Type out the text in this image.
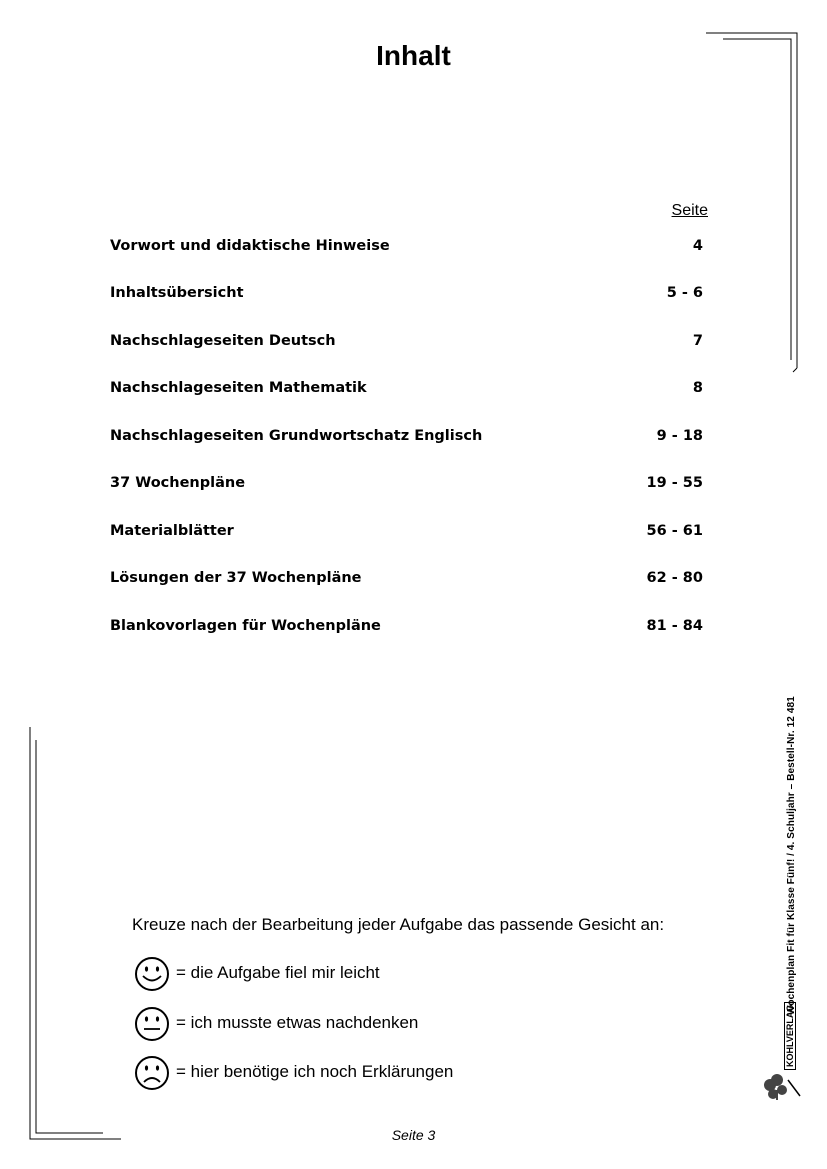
Inhalt
Seite
Vorwort und didaktische Hinweise	4
Inhaltsübersicht	5 - 6
Nachschlageseiten Deutsch	7
Nachschlageseiten Mathematik	8
Nachschlageseiten Grundwortschatz Englisch	9 - 18
37 Wochenpläne	19 - 55
Materialblätter	56 - 61
Lösungen der 37 Wochenpläne	62 - 80
Blankovorlagen für Wochenpläne	81 - 84
Kreuze nach der Bearbeitung jeder Aufgabe das passende Gesicht an:
= die Aufgabe fiel mir leicht
= ich musste etwas nachdenken
= hier benötige ich noch Erklärungen
Seite 3
Wochenplan Fit für Klasse Fünf! / 4. Schuljahr – Bestell-Nr. 12 481
KOHLVERLAG
